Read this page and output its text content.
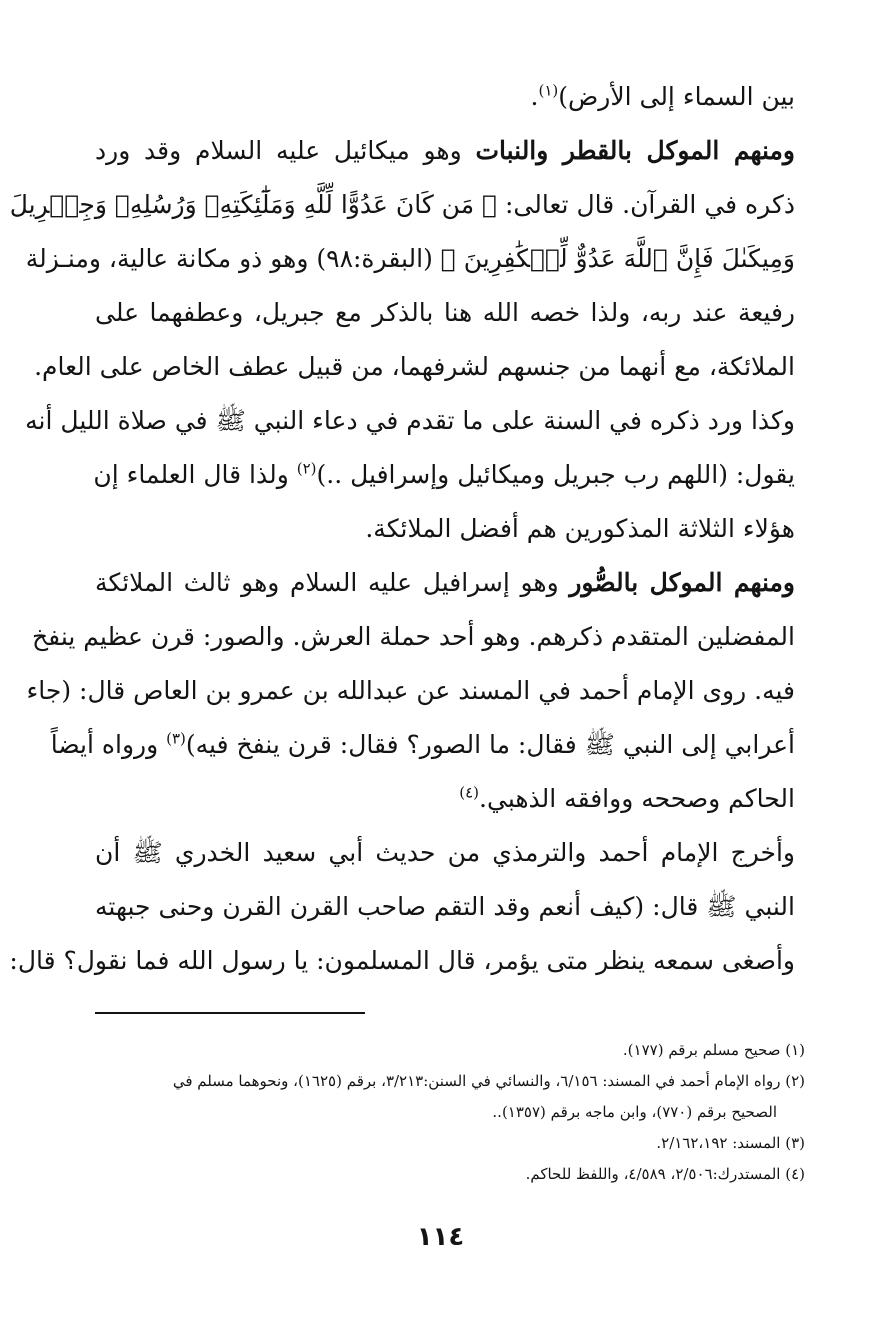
بين السماء إلى الأرض)$^{(١)}$.
ومنهم الموكل بالقطر والنبات وهو ميكائيل عليه السلام وقد ورد
ذكره في القرآن. قال تعالى: ﴿ مَن كَانَ عَدُوًّا لِّلَّهِ وَمَلَٰٓئِكَتِهِۦ وَرُسُلِهِۦ وَجِبۡرِيلَ
وَمِيكَىٰلَ فَإِنَّ ٱللَّهَ عَدُوٌّ لِّلۡكَٰفِرِينَ ﴾ (البقرة:٩٨) وهو ذو مكانة عالية، ومنـزلة
رفيعة عند ربه، ولذا خصه الله هنا بالذكر مع جبريل، وعطفهما على
الملائكة، مع أنهما من جنسهم لشرفهما، من قبيل عطف الخاص على العام.
وكذا ورد ذكره في السنة على ما تقدم في دعاء النبي ﷺ في صلاة الليل أنه
يقول: (اللهم رب جبريل وميكائيل وإسرافيل ..)$^{(٢)}$ ولذا قال العلماء إن
هؤلاء الثلاثة المذكورين هم أفضل الملائكة.
ومنهم الموكل بالصُّور وهو إسرافيل عليه السلام وهو ثالث الملائكة
المفضلين المتقدم ذكرهم. وهو أحد حملة العرش. والصور: قرن عظيم ينفخ
فيه. روى الإمام أحمد في المسند عن عبدالله بن عمرو بن العاص قال: (جاء
أعرابي إلى النبي ﷺ فقال: ما الصور؟ فقال: قرن ينفخ فيه)$^{(٣)}$ ورواه أيضاً
الحاكم وصححه ووافقه الذهبي.$^{(٤)}$
وأخرج الإمام أحمد والترمذي من حديث أبي سعيد الخدري ﷺ أن
النبي ﷺ قال: (كيف أنعم وقد التقم صاحب القرن القرن وحنى جبهته
وأصغى سمعه ينظر متى يؤمر، قال المسلمون: يا رسول الله فما نقول؟ قال:
(١) صحيح مسلم برقم (١٧٧).
(٢) رواه الإمام أحمد في المسند: ٦/١٥٦، والنسائي في السنن:٣/٢١٣، برقم (١٦٢٥)، ونحوهما مسلم في
الصحيح برقم (٧٧٠)، وابن ماجه برقم (١٣٥٧)..
(٣) المسند: ٢/١٦٢،١٩٢.
(٤) المستدرك:٢/٥٠٦، ٤/٥٨٩، واللفظ للحاكم.
١١٤
